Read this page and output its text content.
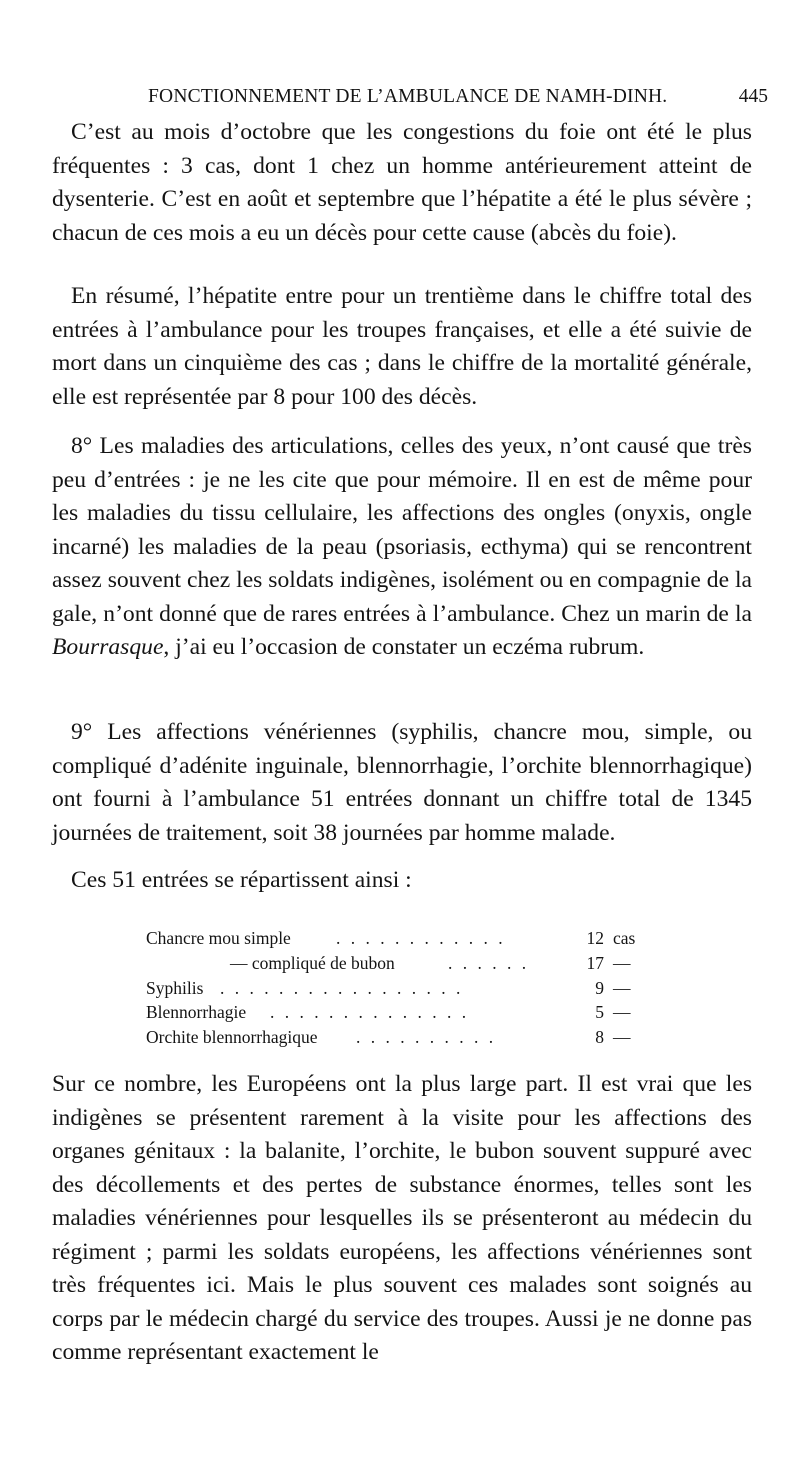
FONCTIONNEMENT DE L’AMBULANCE DE NAMH-DINH.	445

C’est au mois d’octobre que les congestions du foie ont été le plus fréquentes : 3 cas, dont 1 chez un homme antérieurement atteint de dysenterie. C’est en août et septembre que l’hépatite a été le plus sévère ; chacun de ces mois a eu un décès pour cette cause (abcès du foie).

En résumé, l’hépatite entre pour un trentième dans le chiffre total des entrées à l’ambulance pour les troupes françaises, et elle a été suivie de mort dans un cinquième des cas ; dans le chiffre de la mortalité générale, elle est représentée par 8 pour 100 des décès.

8° Les maladies des articulations, celles des yeux, n’ont causé que très peu d’entrées : je ne les cite que pour mémoire. Il en est de même pour les maladies du tissu cellulaire, les affections des ongles (onyxis, ongle incarné) les maladies de la peau (psoriasis, ecthyma) qui se rencontrent assez souvent chez les soldats indigènes, isolément ou en compagnie de la gale, n’ont donné que de rares entrées à l’ambulance. Chez un marin de la Bourrasque, j’ai eu l’occasion de constater un eczéma rubrum.

9° Les affections vénériennes (syphilis, chancre mou, simple, ou compliqué d’adénite inguinale, blennorrhagie, l’orchite blennorrhagique) ont fourni à l’ambulance 51 entrées donnant un chiffre total de 1345 journées de traitement, soit 38 journées par homme malade.

Ces 51 entrées se répartissent ainsi :

Chancre mou simple	. . . . . . . . . . . .	12 cas
— compliqué de bubon	. . . . . .	17 —
Syphilis . . . . . . . . . . . . . . . . .	9 —
Blennorrhagie . . . . . . . . . . . . . .	5 —
Orchite blennorrhagique . . . . . . . . . .	8 —

Sur ce nombre, les Européens ont la plus large part. Il est vrai que les indigènes se présentent rarement à la visite pour les affections des organes génitaux : la balanite, l’orchite, le bubon souvent suppuré avec des décollements et des pertes de substance énormes, telles sont les maladies vénériennes pour lesquelles ils se présenteront au médecin du régiment ; parmi les soldats européens, les affections vénériennes sont très fréquentes ici. Mais le plus souvent ces malades sont soignés au corps par le médecin chargé du service des troupes. Aussi je ne donne pas comme représentant exactement le
